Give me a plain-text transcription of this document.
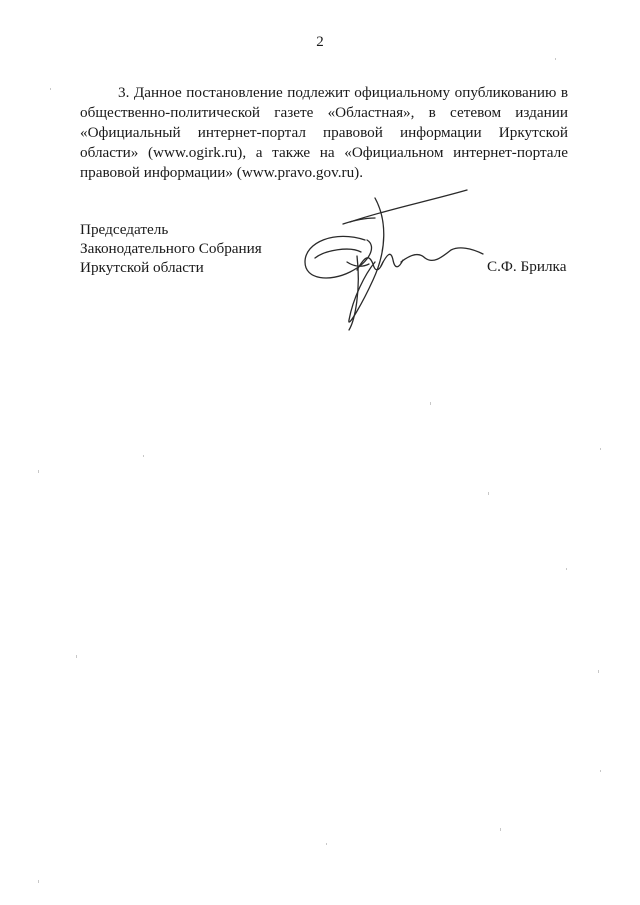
2

3. Данное постановление подлежит официальному опубликованию в общественно-политической газете «Областная», в сетевом издании «Официальный интернет-портал правовой информации Иркутской области» (www.ogirk.ru), а также на «Официальном интернет-портале правовой информации» (www.pravo.gov.ru).

Председатель
Законодательного Собрания
Иркутской области	С.Ф. Брилка
